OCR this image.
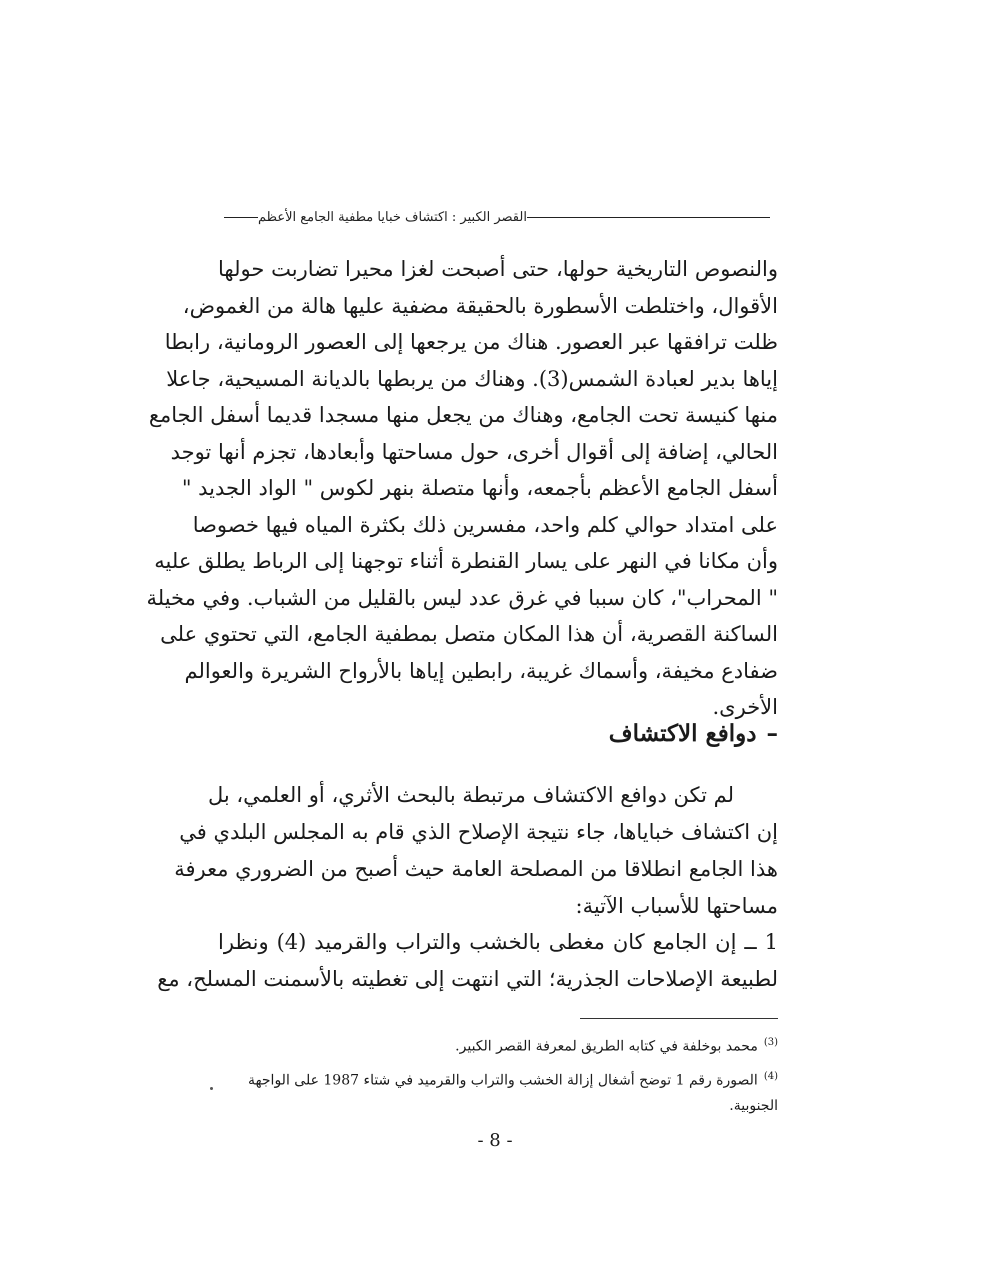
القصر الكبير : اكتشاف خبايا مطفية الجامع الأعظم
والنصوص التاريخية حولها، حتى أصبحت لغزا محيرا تضاربت حولها
الأقوال، واختلطت الأسطورة بالحقيقة مضفية عليها هالة من الغموض،
ظلت ترافقها عبر العصور. هناك من يرجعها إلى العصور الرومانية، رابطا
إياها بدير لعبادة الشمس(3). وهناك من يربطها بالديانة المسيحية، جاعلا
منها كنيسة تحت الجامع، وهناك من يجعل منها مسجدا قديما أسفل الجامع
الحالي، إضافة إلى أقوال أخرى، حول مساحتها وأبعادها، تجزم أنها توجد
أسفل الجامع الأعظم بأجمعه، وأنها متصلة بنهر لكوس " الواد الجديد "
على امتداد حوالي كلم واحد، مفسرين ذلك بكثرة المياه فيها خصوصا
وأن مكانا في النهر على يسار القنطرة أثناء توجهنا إلى الرباط يطلق عليه
" المحراب"، كان سببا في غرق عدد ليس بالقليل من الشباب. وفي مخيلة
الساكنة القصرية، أن هذا المكان متصل بمطفية الجامع، التي تحتوي على
ضفادع مخيفة، وأسماك غريبة، رابطين إياها بالأرواح الشريرة والعوالم
الأخرى.
–دوافع الاكتشاف
لم تكن دوافع الاكتشاف مرتبطة بالبحث الأثري، أو العلمي، بل
إن اكتشاف خباياها، جاء نتيجة الإصلاح الذي قام به المجلس البلدي في
هذا الجامع انطلاقا من المصلحة العامة حيث أصبح من الضروري معرفة
مساحتها للأسباب الآتية:
1 ــ إن الجامع كان مغطى بالخشب والتراب والقرميد (4) ونظرا
لطبيعة الإصلاحات الجذرية؛ التي انتهت إلى تغطيته بالأسمنت المسلح، مع
$^{(3)}$محمد بوخلفة في كتابه الطريق لمعرفة القصر الكبير.
$^{(4)}$الصورة رقم 1 توضح أشغال إزالة الخشب والتراب والقرميد في شتاء 1987 على الواجهة الجنوبية.
- 8 -
